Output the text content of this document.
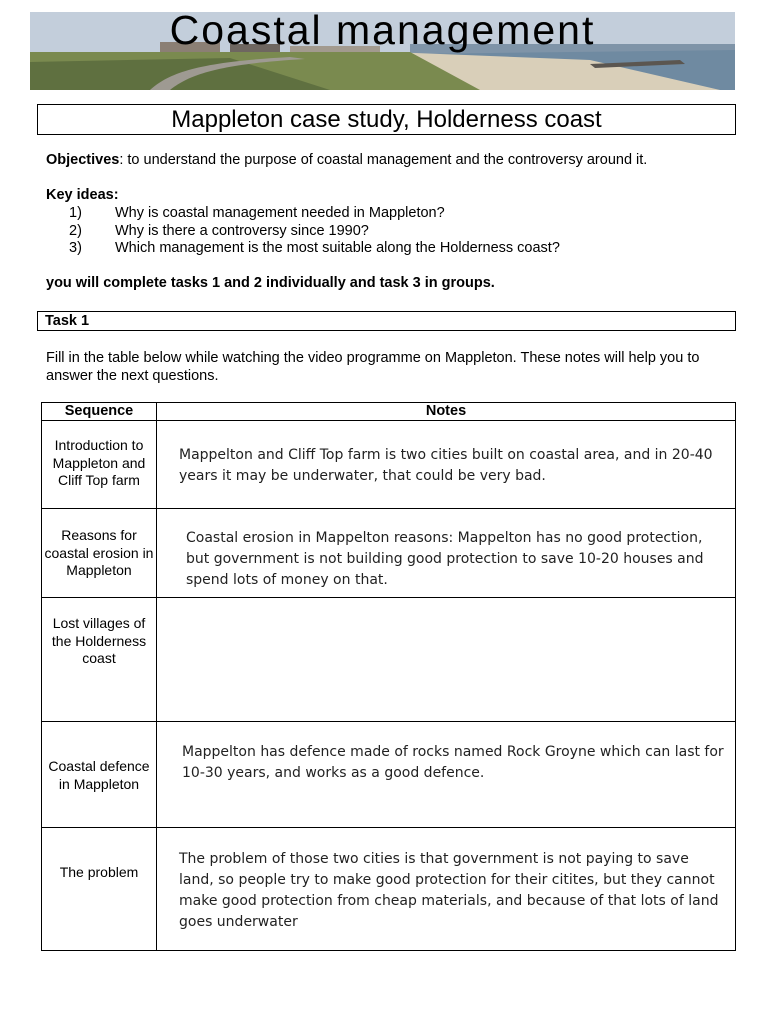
Coastal management
Mappleton case study, Holderness coast
Objectives: to understand the purpose of coastal management and the controversy around it.
Key ideas:
1)	Why is coastal management needed in Mappleton?
2)	Why is there a controversy since 1990?
3)	Which management is the most suitable along the Holderness coast?
you will complete tasks 1 and 2 individually and task 3 in groups.
Task 1
Fill in the table below while watching the video programme on Mappleton. These notes will help you to answer the next questions.
Sequence	Notes
Introduction to Mappleton and Cliff Top farm	Mappelton and Cliff Top farm is two cities built on coastal area, and in 20-40 years it may be underwater, that could be very bad.

Reasons for coastal erosion in Mappleton	Coastal erosion in Mappelton reasons: Mappelton has no good protection, but government is not building good protection to save 10-20 houses and spend lots of money on that.

Lost villages of the Holderness coast	

Coastal defence in Mappleton	Mappelton has defence made of rocks named Rock Groyne which can last for 10-30 years, and works as a good defence.

The problem	The problem of those two cities is that government is not paying to save land, so people try to make good protection for their citites, but they cannot make good protection from cheap materials, and because of that lots of land goes underwater
